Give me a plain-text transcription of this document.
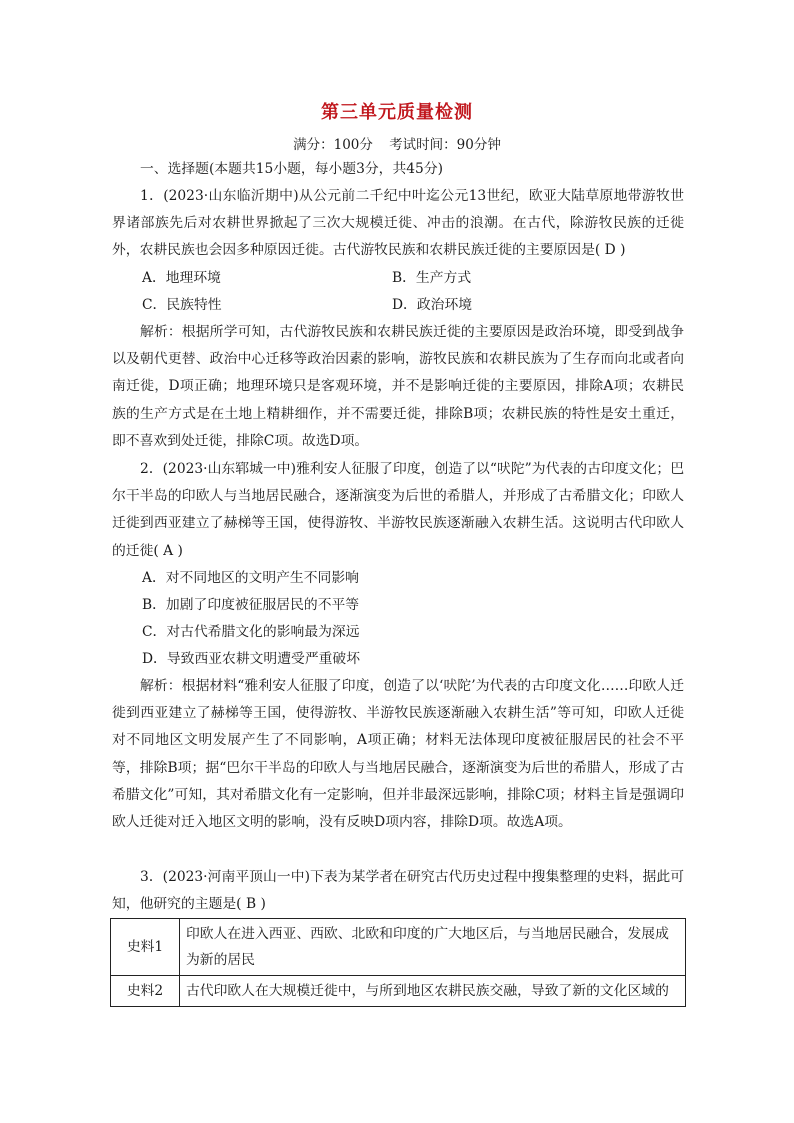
第三单元质量检测
满分：100分 考试时间：90分钟
一、选择题(本题共15小题，每小题3分，共45分)
1．(2023·山东临沂期中)从公元前二千纪中叶迄公元13世纪，欧亚大陆草原地带游牧世界诸部族先后对农耕世界掀起了三次大规模迁徙、冲击的浪潮。在古代，除游牧民族的迁徙外，农耕民族也会因多种原因迁徙。古代游牧民族和农耕民族迁徙的主要原因是( D )
A．地理环境	B．生产方式
C．民族特性	D．政治环境
解析：根据所学可知，古代游牧民族和农耕民族迁徙的主要原因是政治环境，即受到战争以及朝代更替、政治中心迁移等政治因素的影响，游牧民族和农耕民族为了生存而向北或者向南迁徙，D项正确；地理环境只是客观环境，并不是影响迁徙的主要原因，排除A项；农耕民族的生产方式是在土地上精耕细作，并不需要迁徙，排除B项；农耕民族的特性是安土重迁，即不喜欢到处迁徙，排除C项。故选D项。
2．(2023·山东郓城一中)雅利安人征服了印度，创造了以“吠陀”为代表的古印度文化；巴尔干半岛的印欧人与当地居民融合，逐渐演变为后世的希腊人，并形成了古希腊文化；印欧人迁徙到西亚建立了赫梯等王国，使得游牧、半游牧民族逐渐融入农耕生活。这说明古代印欧人的迁徙( A )
A．对不同地区的文明产生不同影响
B．加剧了印度被征服居民的不平等
C．对古代希腊文化的影响最为深远
D．导致西亚农耕文明遭受严重破坏
解析：根据材料“雅利安人征服了印度，创造了以‘吠陀’为代表的古印度文化……印欧人迁徙到西亚建立了赫梯等王国，使得游牧、半游牧民族逐渐融入农耕生活”等可知，印欧人迁徙对不同地区文明发展产生了不同影响，A项正确；材料无法体现印度被征服居民的社会不平等，排除B项；据“巴尔干半岛的印欧人与当地居民融合，逐渐演变为后世的希腊人，形成了古希腊文化”可知，其对希腊文化有一定影响，但并非最深远影响，排除C项；材料主旨是强调印欧人迁徙对迁入地区文明的影响，没有反映D项内容，排除D项。故选A项。
3．(2023·河南平顶山一中)下表为某学者在研究古代历史过程中搜集整理的史料，据此可知，他研究的主题是( B )
史料1	印欧人在进入西亚、西欧、北欧和印度的广大地区后，与当地居民融合，发展成为新的居民
史料2	古代印欧人在大规模迁徙中，与所到地区农耕民族交融，导致了新的文化区域的
